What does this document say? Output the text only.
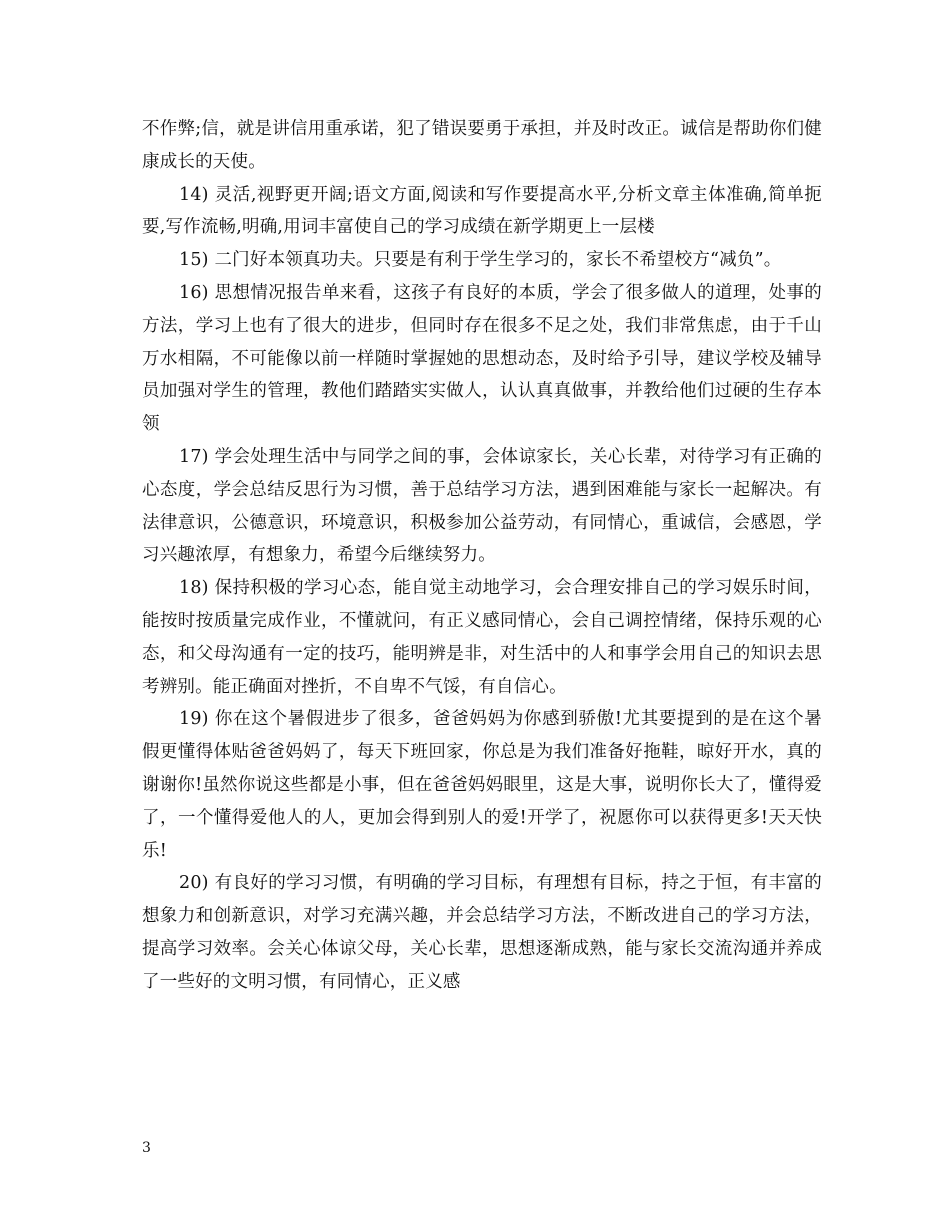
不作弊;信，就是讲信用重承诺，犯了错误要勇于承担，并及时改正。诚信是帮助你们健康成长的天使。

14) 灵活,视野更开阔;语文方面,阅读和写作要提高水平,分析文章主体准确,简单扼要,写作流畅,明确,用词丰富使自己的学习成绩在新学期更上一层楼

15) 二门好本领真功夫。只要是有利于学生学习的，家长不希望校方“减负”。

16) 思想情况报告单来看，这孩子有良好的本质，学会了很多做人的道理，处事的方法，学习上也有了很大的进步，但同时存在很多不足之处，我们非常焦虑，由于千山万水相隔，不可能像以前一样随时掌握她的思想动态，及时给予引导，建议学校及辅导员加强对学生的管理，教他们踏踏实实做人，认认真真做事，并教给他们过硬的生存本领

17) 学会处理生活中与同学之间的事，会体谅家长，关心长辈，对待学习有正确的心态度，学会总结反思行为习惯，善于总结学习方法，遇到困难能与家长一起解决。有法律意识，公德意识，环境意识，积极参加公益劳动，有同情心，重诚信，会感恩，学习兴趣浓厚，有想象力，希望今后继续努力。

18) 保持积极的学习心态，能自觉主动地学习，会合理安排自己的学习娱乐时间，能按时按质量完成作业，不懂就问，有正义感同情心，会自己调控情绪，保持乐观的心态，和父母沟通有一定的技巧，能明辨是非，对生活中的人和事学会用自己的知识去思考辨别。能正确面对挫折，不自卑不气馁，有自信心。

19) 你在这个暑假进步了很多，爸爸妈妈为你感到骄傲!尤其要提到的是在这个暑假更懂得体贴爸爸妈妈了，每天下班回家，你总是为我们准备好拖鞋，晾好开水，真的谢谢你!虽然你说这些都是小事，但在爸爸妈妈眼里，这是大事，说明你长大了，懂得爱了，一个懂得爱他人的人，更加会得到别人的爱!开学了，祝愿你可以获得更多!天天快乐!

20) 有良好的学习习惯，有明确的学习目标，有理想有目标，持之于恒，有丰富的想象力和创新意识，对学习充满兴趣，并会总结学习方法，不断改进自己的学习方法，提高学习效率。会关心体谅父母，关心长辈，思想逐渐成熟，能与家长交流沟通并养成了一些好的文明习惯，有同情心，正义感

3
